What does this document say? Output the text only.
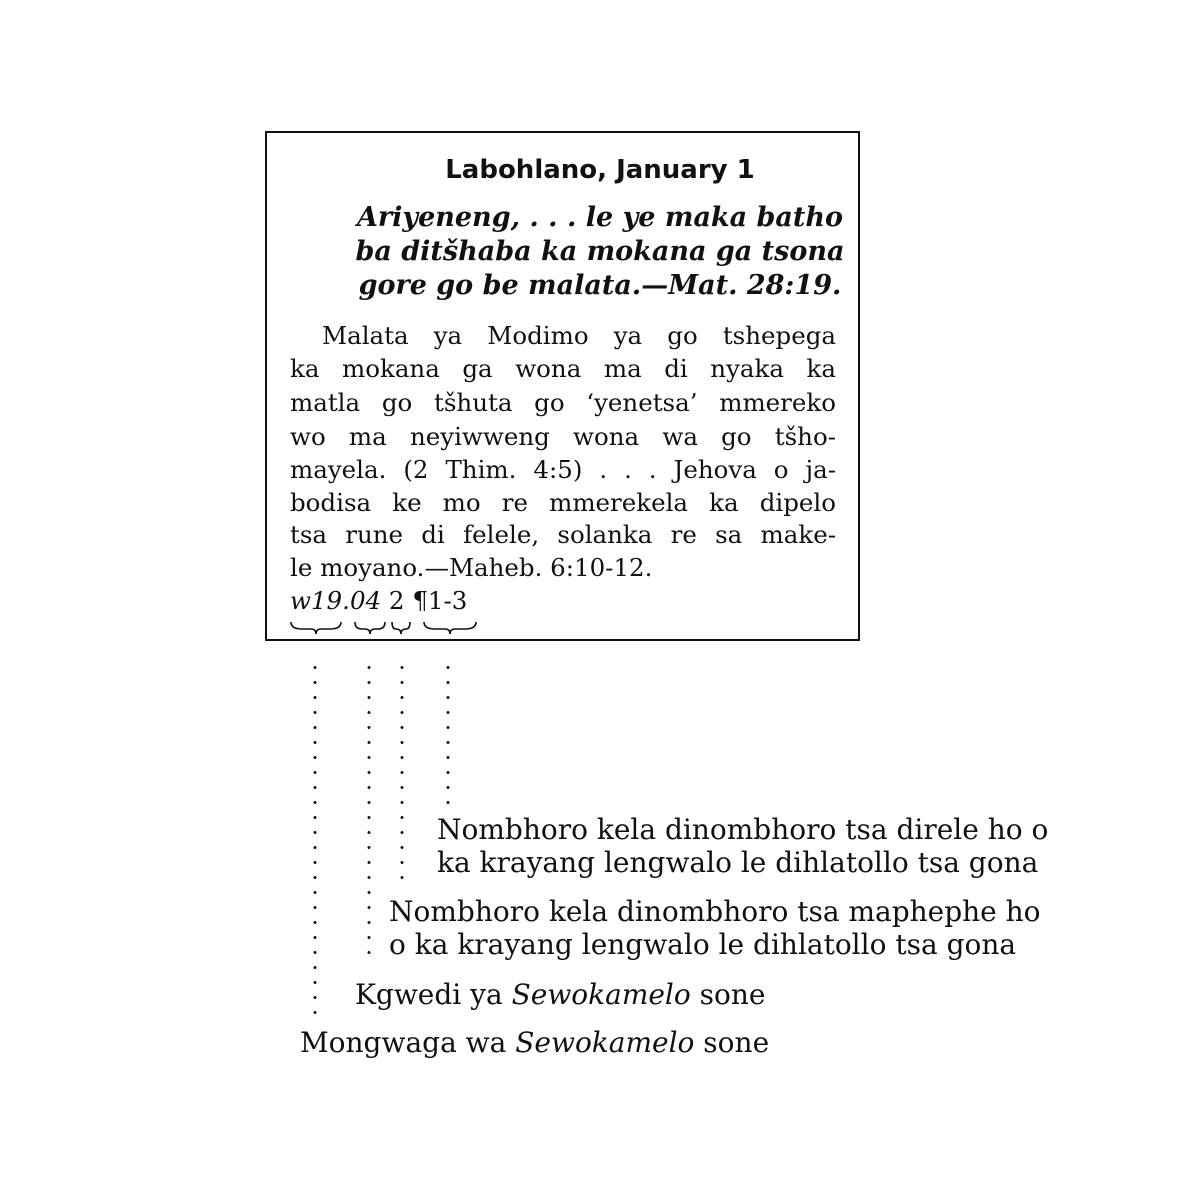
Labohlano, January 1
Ariyeneng, . . . le ye maka batho
ba ditšhaba ka mokana ga tsona
gore go be malata.—Mat. 28:19.
Malata ya Modimo ya go tshepega
ka mokana ga wona ma di nyaka ka
matla go tšhuta go ‘yenetsa’ mmereko
wo ma neyiwweng wona wa go tšho-
mayela. (2 Thim. 4:5) . . . Jehova o ja-
bodisa ke mo re mmerekela ka dipelo
tsa rune di felele, solanka re sa make-
le moyano.—Maheb. 6:10-12.
w19.04 2 ¶1-3
Nombhoro kela dinombhoro tsa direle ho o
ka krayang lengwalo le dihlatollo tsa gona
Nombhoro kela dinombhoro tsa maphephe ho
o ka krayang lengwalo le dihlatollo tsa gona
Kgwedi ya Sewokamelo sone
Mongwaga wa Sewokamelo sone
